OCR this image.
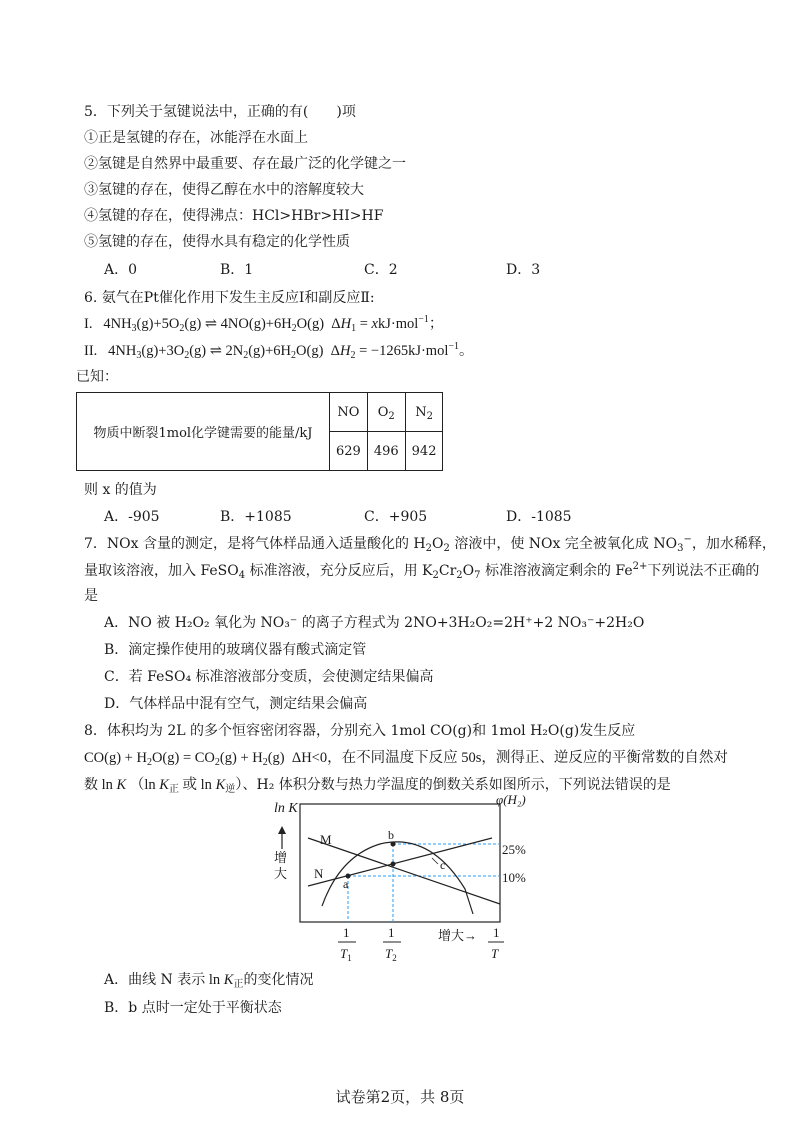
5．下列关于氢键说法中，正确的有(　　)项
①正是氢键的存在，冰能浮在水面上
②氢键是自然界中最重要、存在最广泛的化学键之一
③氢键的存在，使得乙醇在水中的溶解度较大
④氢键的存在，使得沸点：HCl>HBr>HI>HF
⑤氢键的存在，使得水具有稳定的化学性质
A．0	B．1	C．2	D．3
6. 氨气在Pt催化作用下发生主反应Ⅰ和副反应Ⅱ:
I. $4NH_3(g)+5O_2(g)$ ⇌ $4NO(g)+6H_2O(g) \Delta H_1 = xkJ\cdot mol^{-1}$；
II. $4NH_3(g)+3O_2(g)$ ⇌ $2N_2(g)+6H_2O(g) \Delta H_2 = -1265kJ\cdot mol^{-1}$。
已知：
物质中断裂1mol化学键需要的能量/kJ	NO	$O_2$	$N_2$
	629	496	942
则 x 的值为
A．-905	B．+1085	C．+905	D．-1085
7．NOx 含量的测定，是将气体样品通入适量酸化的 $H_2O_2$ 溶液中，使 NOx 完全被氧化成 $NO_3^-$，加水稀释，
量取该溶液，加入 FeSO$_4$ 标准溶液，充分反应后，用 $K_2Cr_2O_7$ 标准溶液滴定剩余的 $Fe^{2+}$下列说法不正确的
是
A．NO 被 H₂O₂ 氧化为 NO₃⁻ 的离子方程式为 2NO+3H₂O₂=2H⁺+2 NO₃⁻+2H₂O
B．滴定操作使用的玻璃仪器有酸式滴定管
C．若 FeSO₄ 标准溶液部分变质，会使测定结果偏高
D．气体样品中混有空气，测定结果会偏高
8．体积均为 2L 的多个恒容密闭容器，分别充入 1mol CO(g)和 1mol H₂O(g)发生反应
$CO(g) + H_2O(g) = CO_2(g) + H_2(g)$  ΔH<0，在不同温度下反应 50s，测得正、逆反应的平衡常数的自然对
数 ln K （ln $K_正$ 或 $\ln K_逆$）、H₂ 体积分数与热力学温度的倒数关系如图所示，下列说法错误的是
ln K
φ(H₂)
增
大
25%
10%
M
N
a
b
c
1
$T_1$
1
$T_2$
增大→ 1
T
A．曲线 N 表示 $\ln K_正$的变化情况
B．b 点时一定处于平衡状态
试卷第2页，共 8页
